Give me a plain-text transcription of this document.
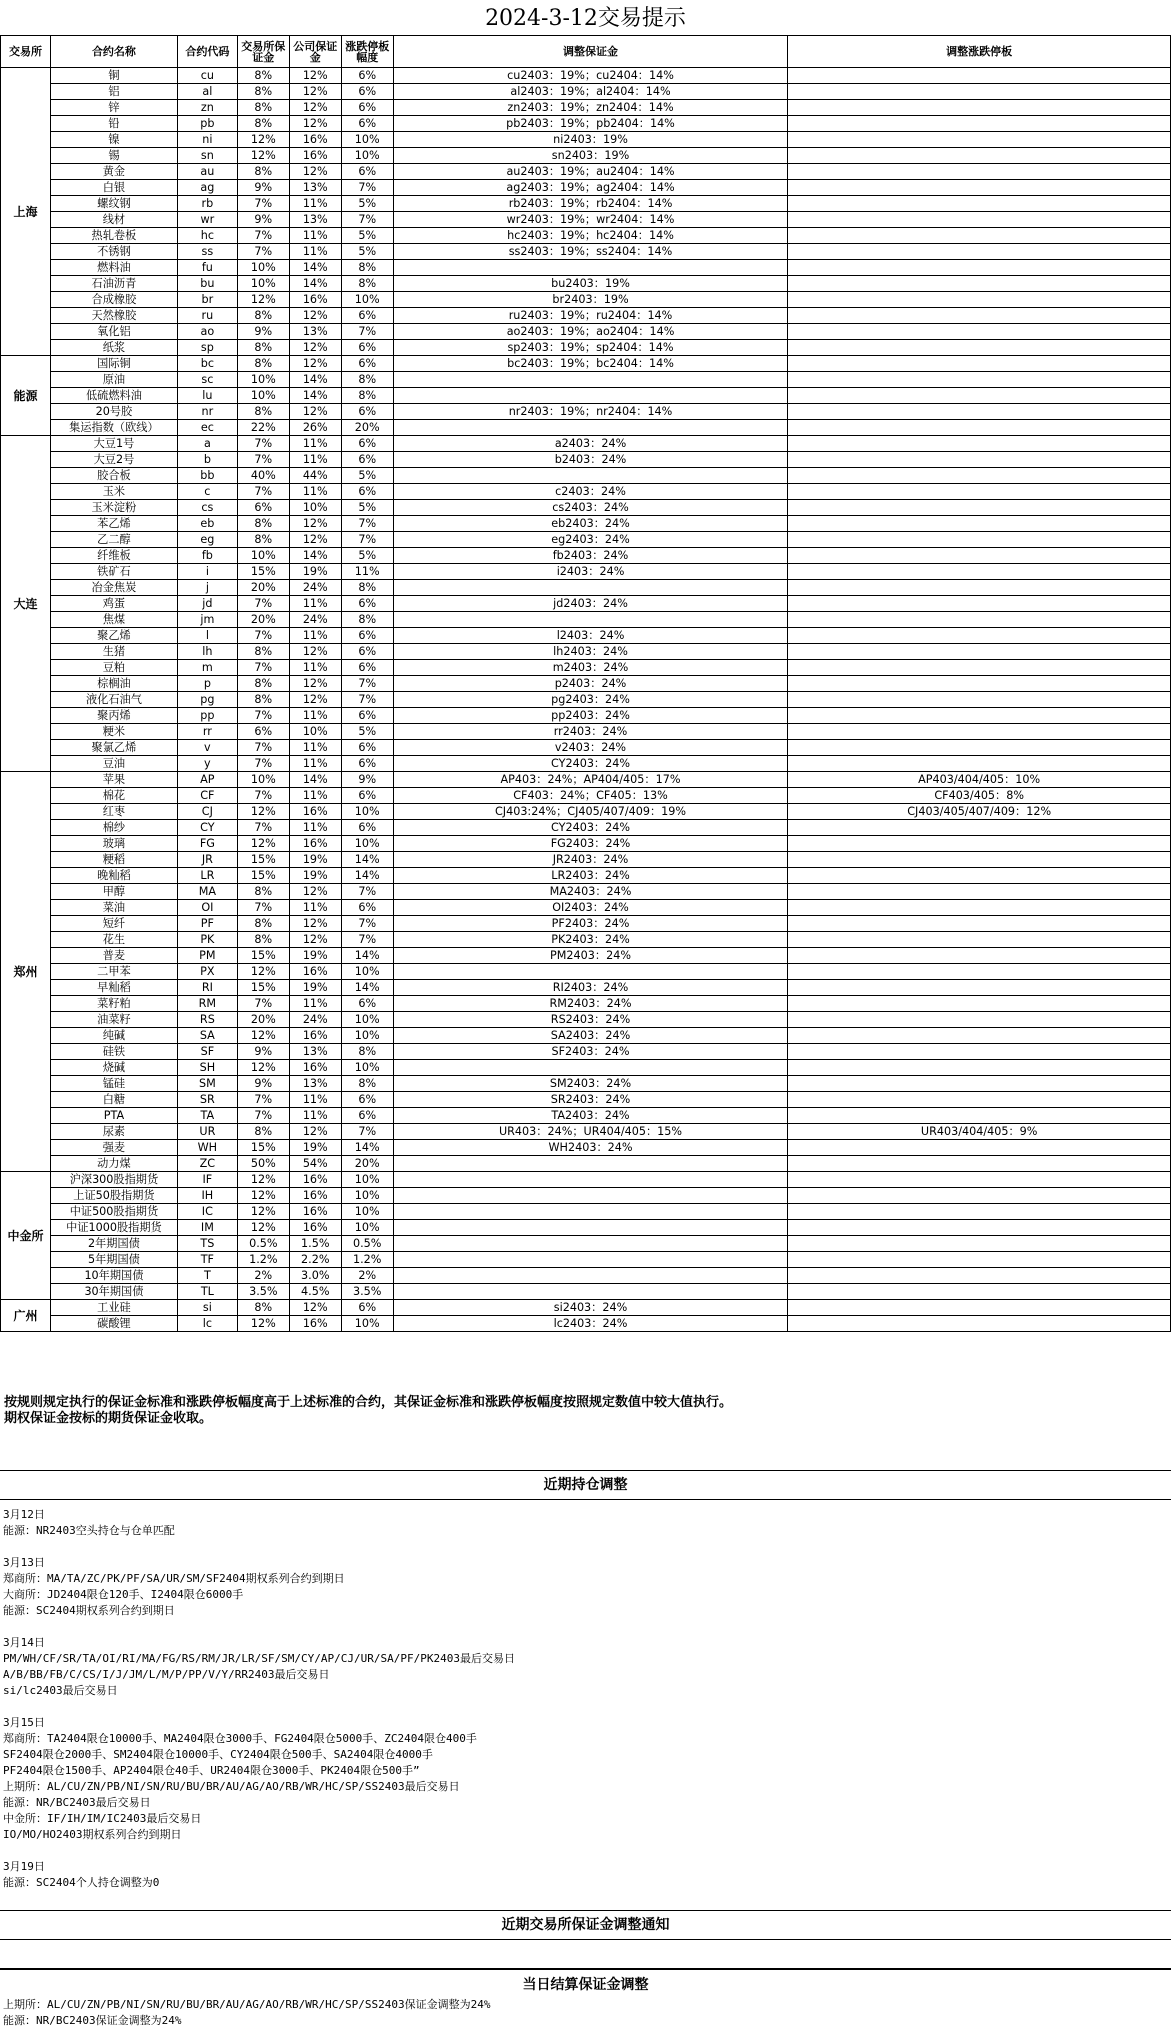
2024-3-12交易提示
交易所	合约名称	合约代码	交易所保证金	公司保证金	涨跌停板幅度	调整保证金	调整涨跌停板
上海	铜	cu	8%	12%	6%	cu2403：19%；cu2404：14%	
	铝	al	8%	12%	6%	al2403：19%；al2404：14%	
	锌	zn	8%	12%	6%	zn2403：19%；zn2404：14%	
	铅	pb	8%	12%	6%	pb2403：19%；pb2404：14%	
	镍	ni	12%	16%	10%	ni2403：19%	
	锡	sn	12%	16%	10%	sn2403：19%	
	黄金	au	8%	12%	6%	au2403：19%；au2404：14%	
	白银	ag	9%	13%	7%	ag2403：19%；ag2404：14%	
	螺纹钢	rb	7%	11%	5%	rb2403：19%；rb2404：14%	
	线材	wr	9%	13%	7%	wr2403：19%；wr2404：14%	
	热轧卷板	hc	7%	11%	5%	hc2403：19%；hc2404：14%	
	不锈钢	ss	7%	11%	5%	ss2403：19%；ss2404：14%	
	燃料油	fu	10%	14%	8%		
	石油沥青	bu	10%	14%	8%	bu2403：19%	
	合成橡胶	br	12%	16%	10%	br2403：19%	
	天然橡胶	ru	8%	12%	6%	ru2403：19%；ru2404：14%	
	氧化铝	ao	9%	13%	7%	ao2403：19%；ao2404：14%	
	纸浆	sp	8%	12%	6%	sp2403：19%；sp2404：14%	
能源	国际铜	bc	8%	12%	6%	bc2403：19%；bc2404：14%	
	原油	sc	10%	14%	8%		
	低硫燃料油	lu	10%	14%	8%		
	20号胶	nr	8%	12%	6%	nr2403：19%；nr2404：14%	
	集运指数（欧线）	ec	22%	26%	20%		
大连	大豆1号	a	7%	11%	6%	a2403：24%	
	大豆2号	b	7%	11%	6%	b2403：24%	
	胶合板	bb	40%	44%	5%		
	玉米	c	7%	11%	6%	c2403：24%	
	玉米淀粉	cs	6%	10%	5%	cs2403：24%	
	苯乙烯	eb	8%	12%	7%	eb2403：24%	
	乙二醇	eg	8%	12%	7%	eg2403：24%	
	纤维板	fb	10%	14%	5%	fb2403：24%	
	铁矿石	i	15%	19%	11%	i2403：24%	
	冶金焦炭	j	20%	24%	8%		
	鸡蛋	jd	7%	11%	6%	jd2403：24%	
	焦煤	jm	20%	24%	8%		
	聚乙烯	l	7%	11%	6%	l2403：24%	
	生猪	lh	8%	12%	6%	lh2403：24%	
	豆粕	m	7%	11%	6%	m2403：24%	
	棕榈油	p	8%	12%	7%	p2403：24%	
	液化石油气	pg	8%	12%	7%	pg2403：24%	
	聚丙烯	pp	7%	11%	6%	pp2403：24%	
	粳米	rr	6%	10%	5%	rr2403：24%	
	聚氯乙烯	v	7%	11%	6%	v2403：24%	
	豆油	y	7%	11%	6%	CY2403：24%	
郑州	苹果	AP	10%	14%	9%	AP403：24%；AP404/405：17%	AP403/404/405：10%
	棉花	CF	7%	11%	6%	CF403：24%；CF405：13%	CF403/405：8%
	红枣	CJ	12%	16%	10%	CJ403:24%；CJ405/407/409：19%	CJ403/405/407/409：12%
	棉纱	CY	7%	11%	6%	CY2403：24%	
	玻璃	FG	12%	16%	10%	FG2403：24%	
	粳稻	JR	15%	19%	14%	JR2403：24%	
	晚籼稻	LR	15%	19%	14%	LR2403：24%	
	甲醇	MA	8%	12%	7%	MA2403：24%	
	菜油	OI	7%	11%	6%	OI2403：24%	
	短纤	PF	8%	12%	7%	PF2403：24%	
	花生	PK	8%	12%	7%	PK2403：24%	
	普麦	PM	15%	19%	14%	PM2403：24%	
	二甲苯	PX	12%	16%	10%		
	早籼稻	RI	15%	19%	14%	RI2403：24%	
	菜籽粕	RM	7%	11%	6%	RM2403：24%	
	油菜籽	RS	20%	24%	10%	RS2403：24%	
	纯碱	SA	12%	16%	10%	SA2403：24%	
	硅铁	SF	9%	13%	8%	SF2403：24%	
	烧碱	SH	12%	16%	10%		
	锰硅	SM	9%	13%	8%	SM2403：24%	
	白糖	SR	7%	11%	6%	SR2403：24%	
	PTA	TA	7%	11%	6%	TA2403：24%	
	尿素	UR	8%	12%	7%	UR403：24%；UR404/405：15%	UR403/404/405：9%
	强麦	WH	15%	19%	14%	WH2403：24%	
	动力煤	ZC	50%	54%	20%		
中金所	沪深300股指期货	IF	12%	16%	10%		
	上证50股指期货	IH	12%	16%	10%		
	中证500股指期货	IC	12%	16%	10%		
	中证1000股指期货	IM	12%	16%	10%		
	2年期国债	TS	0.5%	1.5%	0.5%		
	5年期国债	TF	1.2%	2.2%	1.2%		
	10年期国债	T	2%	3.0%	2%		
	30年期国债	TL	3.5%	4.5%	3.5%		
广州	工业硅	si	8%	12%	6%	si2403：24%	
	碳酸锂	lc	12%	16%	10%	lc2403：24%	
按规则规定执行的保证金标准和涨跌停板幅度高于上述标准的合约，其保证金标准和涨跌停板幅度按照规定数值中较大值执行。
期权保证金按标的期货保证金收取。
近期持仓调整
3月12日
能源：NR2403空头持仓与仓单匹配
3月13日
郑商所：MA/TA/ZC/PK/PF/SA/UR/SM/SF2404期权系列合约到期日
大商所：JD2404限仓120手、I2404限仓6000手
能源：SC2404期权系列合约到期日
3月14日
PM/WH/CF/SR/TA/OI/RI/MA/FG/RS/RM/JR/LR/SF/SM/CY/AP/CJ/UR/SA/PF/PK2403最后交易日
A/B/BB/FB/C/CS/I/J/JM/L/M/P/PP/V/Y/RR2403最后交易日
si/lc2403最后交易日
3月15日
郑商所：TA2404限仓10000手、MA2404限仓3000手、FG2404限仓5000手、ZC2404限仓400手
SF2404限仓2000手、SM2404限仓10000手、CY2404限仓500手、SA2404限仓4000手
PF2404限仓1500手、AP2404限仓40手、UR2404限仓3000手、PK2404限仓500手”
上期所：AL/CU/ZN/PB/NI/SN/RU/BU/BR/AU/AG/AO/RB/WR/HC/SP/SS2403最后交易日
能源：NR/BC2403最后交易日
中金所：IF/IH/IM/IC2403最后交易日
IO/MO/HO2403期权系列合约到期日
3月19日
能源：SC2404个人持仓调整为0
近期交易所保证金调整通知
当日结算保证金调整
上期所：AL/CU/ZN/PB/NI/SN/RU/BU/BR/AU/AG/AO/RB/WR/HC/SP/SS2403保证金调整为24%
能源：NR/BC2403保证金调整为24%
